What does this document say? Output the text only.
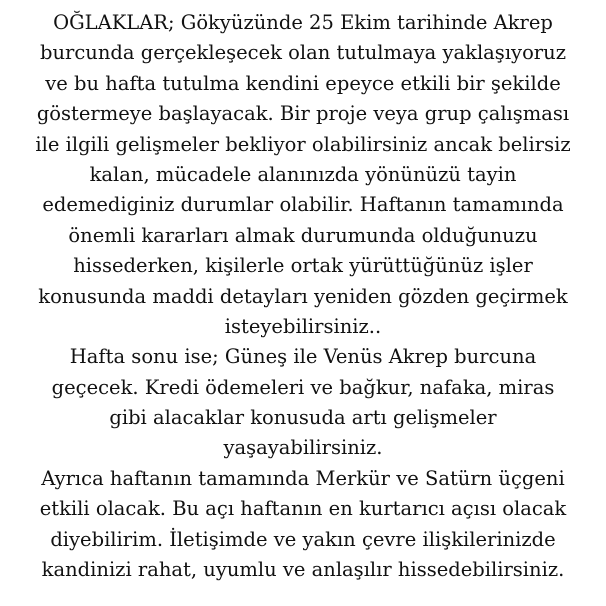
OĞLAKLAR; Gökyüzünde 25 Ekim tarihinde Akrep
burcunda gerçekleşecek olan tutulmaya yaklaşıyoruz
ve bu hafta tutulma kendini epeyce etkili bir şekilde
göstermeye başlayacak. Bir proje veya grup çalışması
ile ilgili gelişmeler bekliyor olabilirsiniz ancak belirsiz
kalan, mücadele alanınızda yönünüzü tayin
edemediginiz durumlar olabilir. Haftanın tamamında
önemli kararları almak durumunda olduğunuzu
hissederken, kişilerle ortak yürüttüğünüz işler
konusunda maddi detayları yeniden gözden geçirmek
isteyebilirsiniz..
Hafta sonu ise; Güneş ile Venüs Akrep burcuna
geçecek. Kredi ödemeleri ve bağkur, nafaka, miras
gibi alacaklar konusuda artı gelişmeler
yaşayabilirsiniz.
Ayrıca haftanın tamamında Merkür ve Satürn üçgeni
etkili olacak. Bu açı haftanın en kurtarıcı açısı olacak
diyebilirim. İletişimde ve yakın çevre ilişkilerinizde
kandinizi rahat, uyumlu ve anlaşılır hissedebilirsiniz.
